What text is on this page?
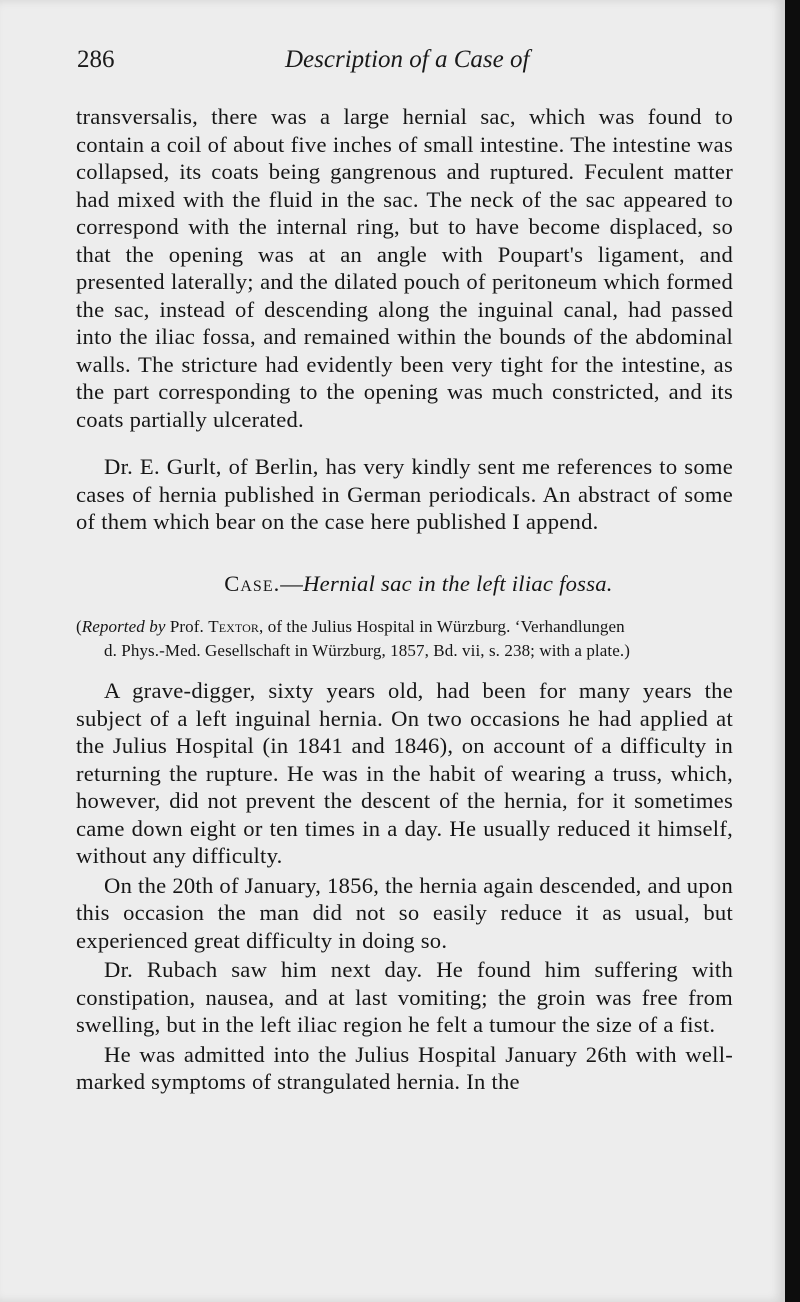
286	Description of a Case of

transversalis, there was a large hernial sac, which was found to contain a coil of about five inches of small intestine. The intestine was collapsed, its coats being gangrenous and ruptured. Feculent matter had mixed with the fluid in the sac. The neck of the sac appeared to correspond with the internal ring, but to have become displaced, so that the opening was at an angle with Poupart's ligament, and presented laterally; and the dilated pouch of peritoneum which formed the sac, instead of descending along the inguinal canal, had passed into the iliac fossa, and remained within the bounds of the abdominal walls. The stricture had evidently been very tight for the intestine, as the part corresponding to the opening was much constricted, and its coats partially ulcerated.

Dr. E. Gurlt, of Berlin, has very kindly sent me references to some cases of hernia published in German periodicals. An abstract of some of them which bear on the case here published I append.

Case.—Hernial sac in the left iliac fossa.

(Reported by Prof. Textor, of the Julius Hospital in Würzburg. ‘Verhandlungen
d. Phys.-Med. Gesellschaft in Würzburg, 1857, Bd. vii, s. 238; with a plate.)

A grave-digger, sixty years old, had been for many years the subject of a left inguinal hernia. On two occasions he had applied at the Julius Hospital (in 1841 and 1846), on account of a difficulty in returning the rupture. He was in the habit of wearing a truss, which, however, did not prevent the descent of the hernia, for it sometimes came down eight or ten times in a day. He usually reduced it himself, without any difficulty.

On the 20th of January, 1856, the hernia again descended, and upon this occasion the man did not so easily reduce it as usual, but experienced great difficulty in doing so.

Dr. Rubach saw him next day. He found him suffering with constipation, nausea, and at last vomiting; the groin was free from swelling, but in the left iliac region he felt a tumour the size of a fist.

He was admitted into the Julius Hospital January 26th with well-marked symptoms of strangulated hernia. In the
